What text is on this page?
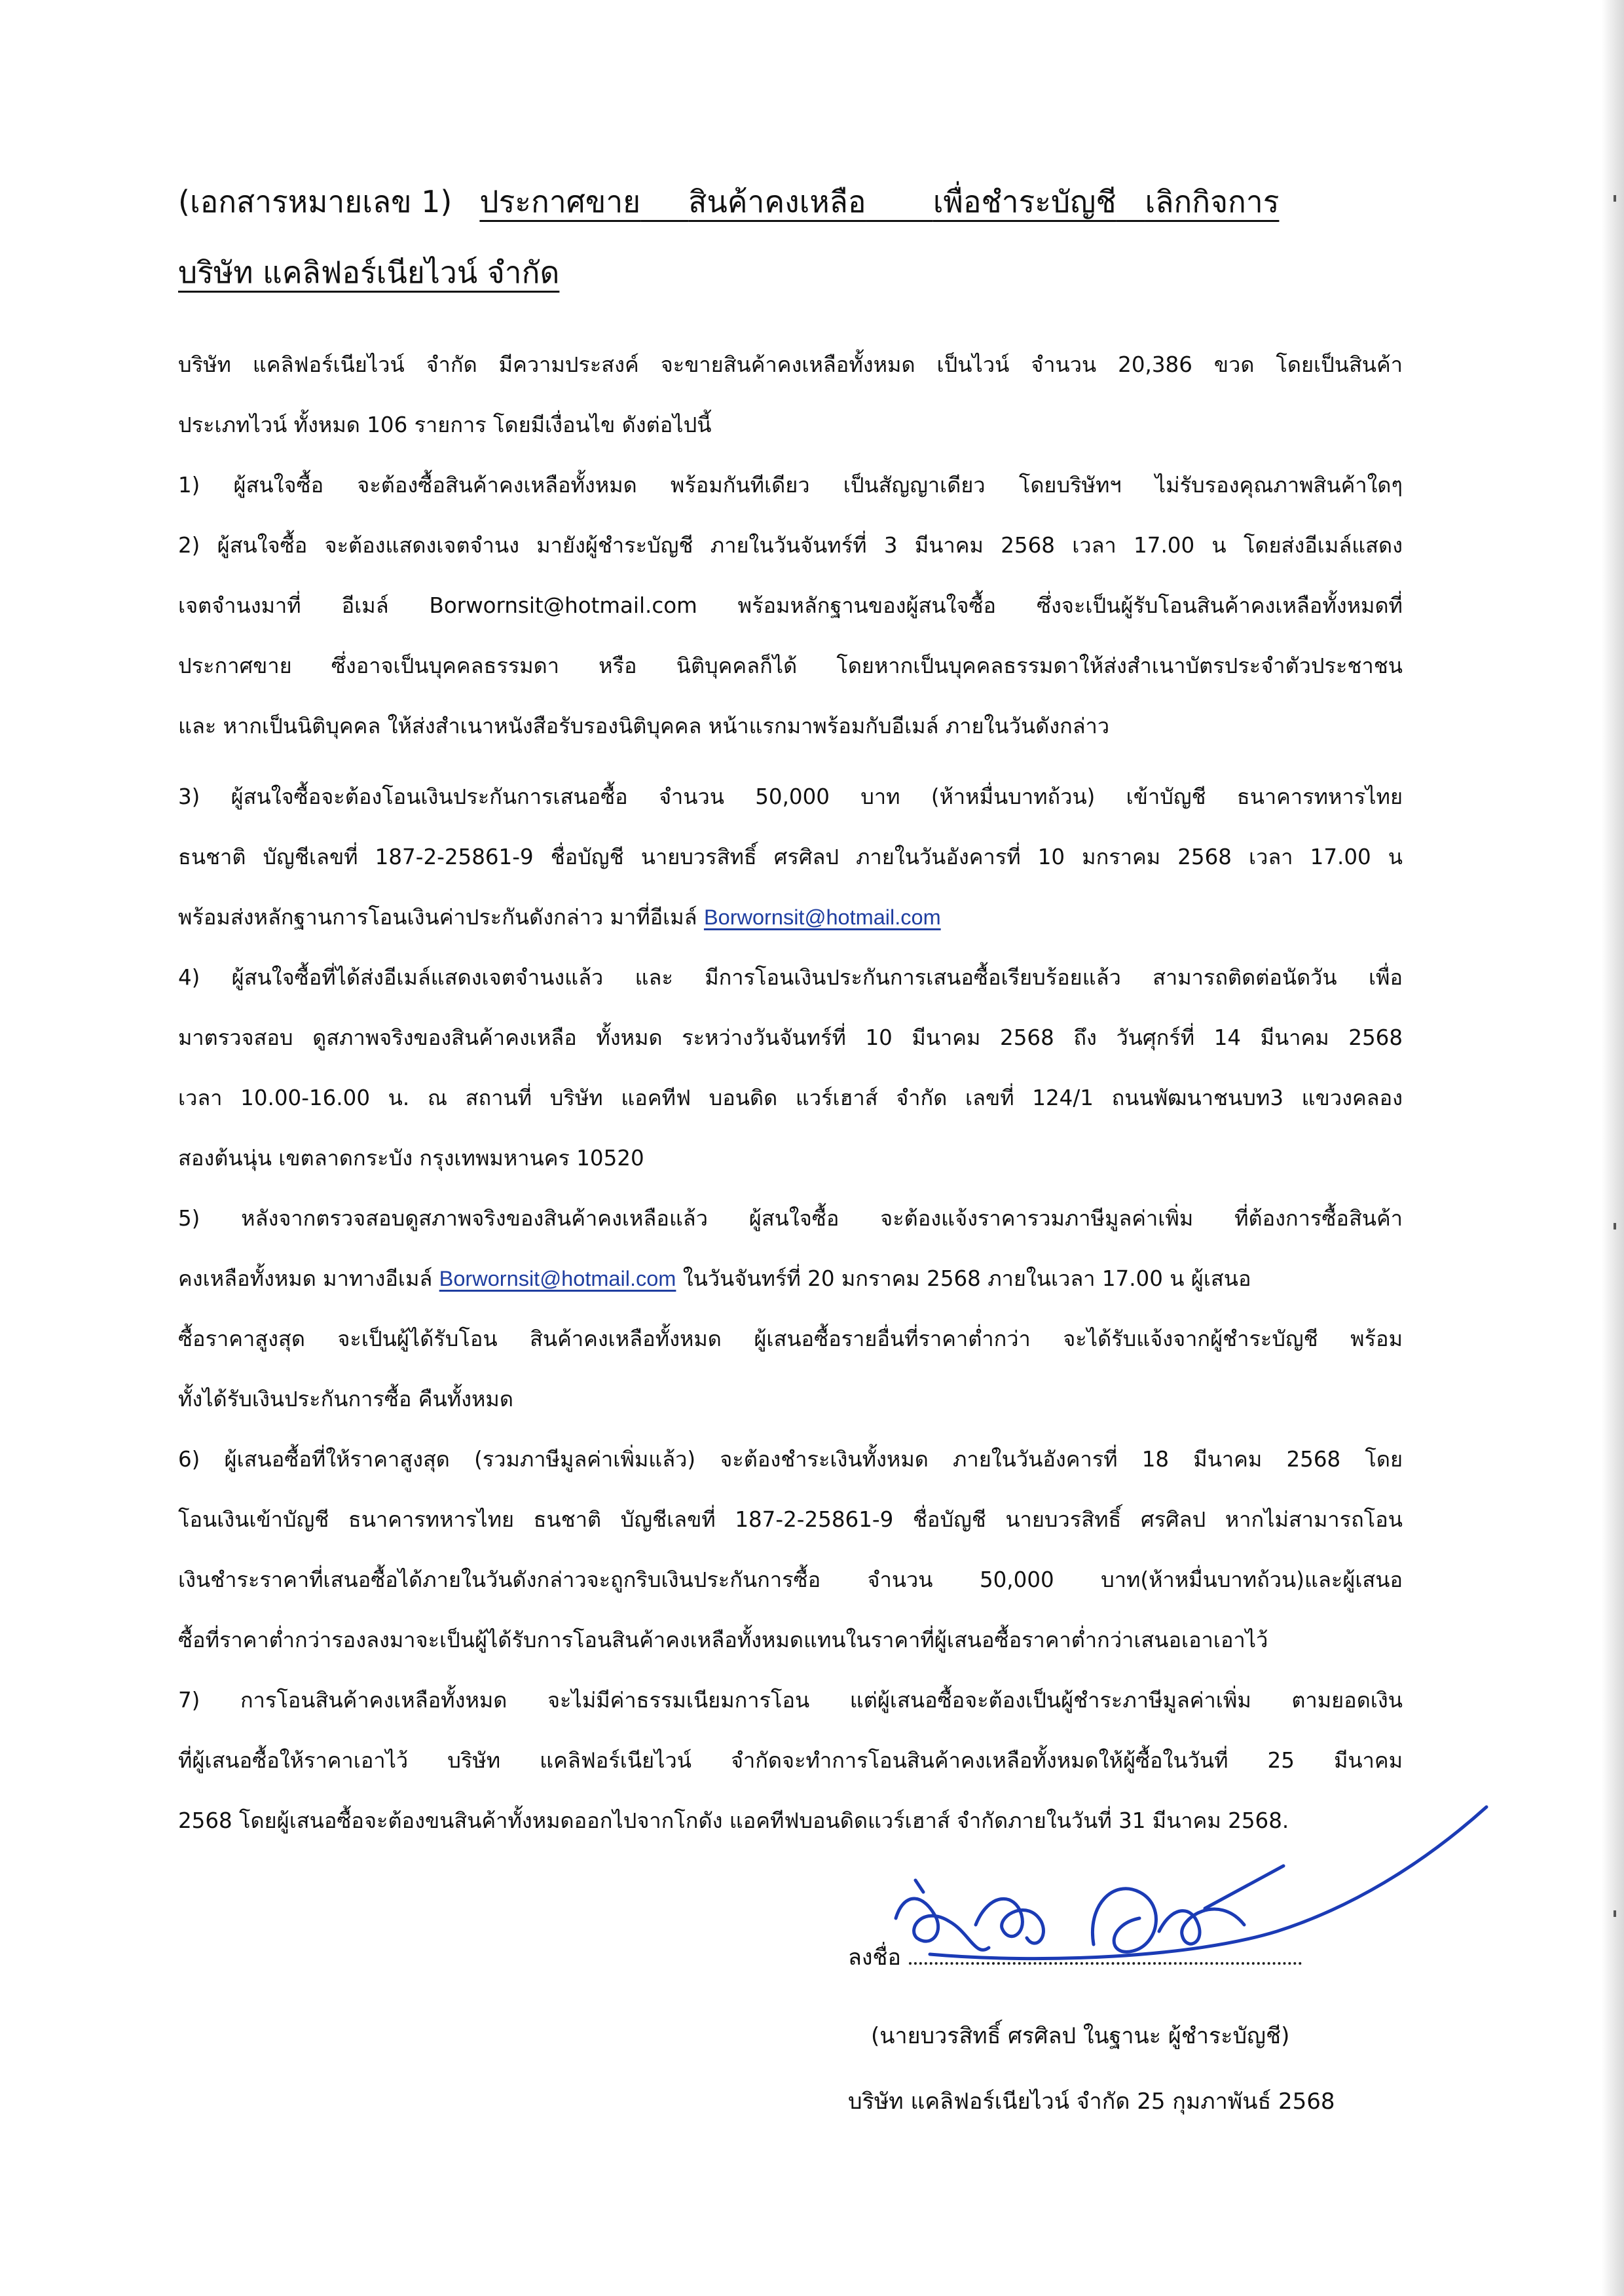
(เอกสารหมายเลข 1) ประกาศขาย สินค้าคงเหลือ เพื่อชำระบัญชี เลิกกิจการ
บริษัท แคลิฟอร์เนียไวน์ จำกัด
บริษัท แคลิฟอร์เนียไวน์ จำกัด มีความประสงค์ จะขายสินค้าคงเหลือทั้งหมด เป็นไวน์ จำนวน 20,386 ขวด โดยเป็นสินค้า
ประเภทไวน์ ทั้งหมด 106 รายการ โดยมีเงื่อนไข ดังต่อไปนี้
1) ผู้สนใจซื้อ จะต้องซื้อสินค้าคงเหลือทั้งหมด พร้อมกันทีเดียว เป็นสัญญาเดียว โดยบริษัทฯ ไม่รับรองคุณภาพสินค้าใดๆ
2) ผู้สนใจซื้อ จะต้องแสดงเจตจำนง มายังผู้ชำระบัญชี ภายในวันจันทร์ที่ 3 มีนาคม 2568 เวลา 17.00 น โดยส่งอีเมล์แสดง
เจตจำนงมาที่ อีเมล์ Borwornsit@hotmail.com พร้อมหลักฐานของผู้สนใจซื้อ ซึ่งจะเป็นผู้รับโอนสินค้าคงเหลือทั้งหมดที่
ประกาศขาย ซึ่งอาจเป็นบุคคลธรรมดา หรือ นิติบุคคลก็ได้ โดยหากเป็นบุคคลธรรมดาให้ส่งสำเนาบัตรประจำตัวประชาชน
และ หากเป็นนิติบุคคล ให้ส่งสำเนาหนังสือรับรองนิติบุคคล หน้าแรกมาพร้อมกับอีเมล์ ภายในวันดังกล่าว
3) ผู้สนใจซื้อจะต้องโอนเงินประกันการเสนอซื้อ จำนวน 50,000 บาท (ห้าหมื่นบาทถ้วน) เข้าบัญชี ธนาคารทหารไทย
ธนชาติ บัญชีเลขที่ 187-2-25861-9 ชื่อบัญชี นายบวรสิทธิ์ ศรศิลป ภายในวันอังคารที่ 10 มกราคม 2568 เวลา 17.00 น
พร้อมส่งหลักฐานการโอนเงินค่าประกันดังกล่าว มาที่อีเมล์ Borwornsit@hotmail.com
4) ผู้สนใจซื้อที่ได้ส่งอีเมล์แสดงเจตจำนงแล้ว และ มีการโอนเงินประกันการเสนอซื้อเรียบร้อยแล้ว สามารถติดต่อนัดวัน เพื่อ
มาตรวจสอบ ดูสภาพจริงของสินค้าคงเหลือ ทั้งหมด ระหว่างวันจันทร์ที่ 10 มีนาคม 2568 ถึง วันศุกร์ที่ 14 มีนาคม 2568
เวลา 10.00-16.00 น. ณ สถานที่ บริษัท แอคทีฟ บอนดิด แวร์เฮาส์ จำกัด เลขที่ 124/1 ถนนพัฒนาชนบท3 แขวงคลอง
สองต้นนุ่น เขตลาดกระบัง กรุงเทพมหานคร 10520
5) หลังจากตรวจสอบดูสภาพจริงของสินค้าคงเหลือแล้ว ผู้สนใจซื้อ จะต้องแจ้งราคารวมภาษีมูลค่าเพิ่ม ที่ต้องการซื้อสินค้า
คงเหลือทั้งหมด มาทางอีเมล์ Borwornsit@hotmail.com ในวันจันทร์ที่ 20 มกราคม 2568 ภายในเวลา 17.00 น ผู้เสนอ
ซื้อราคาสูงสุด จะเป็นผู้ได้รับโอน สินค้าคงเหลือทั้งหมด ผู้เสนอซื้อรายอื่นที่ราคาต่ำกว่า จะได้รับแจ้งจากผู้ชำระบัญชี พร้อม
ทั้งได้รับเงินประกันการซื้อ คืนทั้งหมด
6) ผู้เสนอซื้อที่ให้ราคาสูงสุด (รวมภาษีมูลค่าเพิ่มแล้ว) จะต้องชำระเงินทั้งหมด ภายในวันอังคารที่ 18 มีนาคม 2568 โดย
โอนเงินเข้าบัญชี ธนาคารทหารไทย ธนชาติ บัญชีเลขที่ 187-2-25861-9 ชื่อบัญชี นายบวรสิทธิ์ ศรศิลป หากไม่สามารถโอน
เงินชำระราคาที่เสนอซื้อได้ภายในวันดังกล่าวจะถูกริบเงินประกันการซื้อ จำนวน 50,000 บาท(ห้าหมื่นบาทถ้วน)และผู้เสนอ
ซื้อที่ราคาต่ำกว่ารองลงมาจะเป็นผู้ได้รับการโอนสินค้าคงเหลือทั้งหมดแทนในราคาที่ผู้เสนอซื้อราคาต่ำกว่าเสนอเอาเอาไว้
7) การโอนสินค้าคงเหลือทั้งหมด จะไม่มีค่าธรรมเนียมการโอน แต่ผู้เสนอซื้อจะต้องเป็นผู้ชำระภาษีมูลค่าเพิ่ม ตามยอดเงิน
ที่ผู้เสนอซื้อให้ราคาเอาไว้ บริษัท แคลิฟอร์เนียไวน์ จำกัดจะทำการโอนสินค้าคงเหลือทั้งหมดให้ผู้ซื้อในวันที่ 25 มีนาคม
2568 โดยผู้เสนอซื้อจะต้องขนสินค้าทั้งหมดออกไปจากโกดัง แอคทีฟบอนดิดแวร์เฮาส์ จำกัดภายในวันที่ 31 มีนาคม 2568.
ลงชื่อ
(นายบวรสิทธิ์ ศรศิลป ในฐานะ ผู้ชำระบัญชี)
บริษัท แคลิฟอร์เนียไวน์ จำกัด 25 กุมภาพันธ์ 2568
